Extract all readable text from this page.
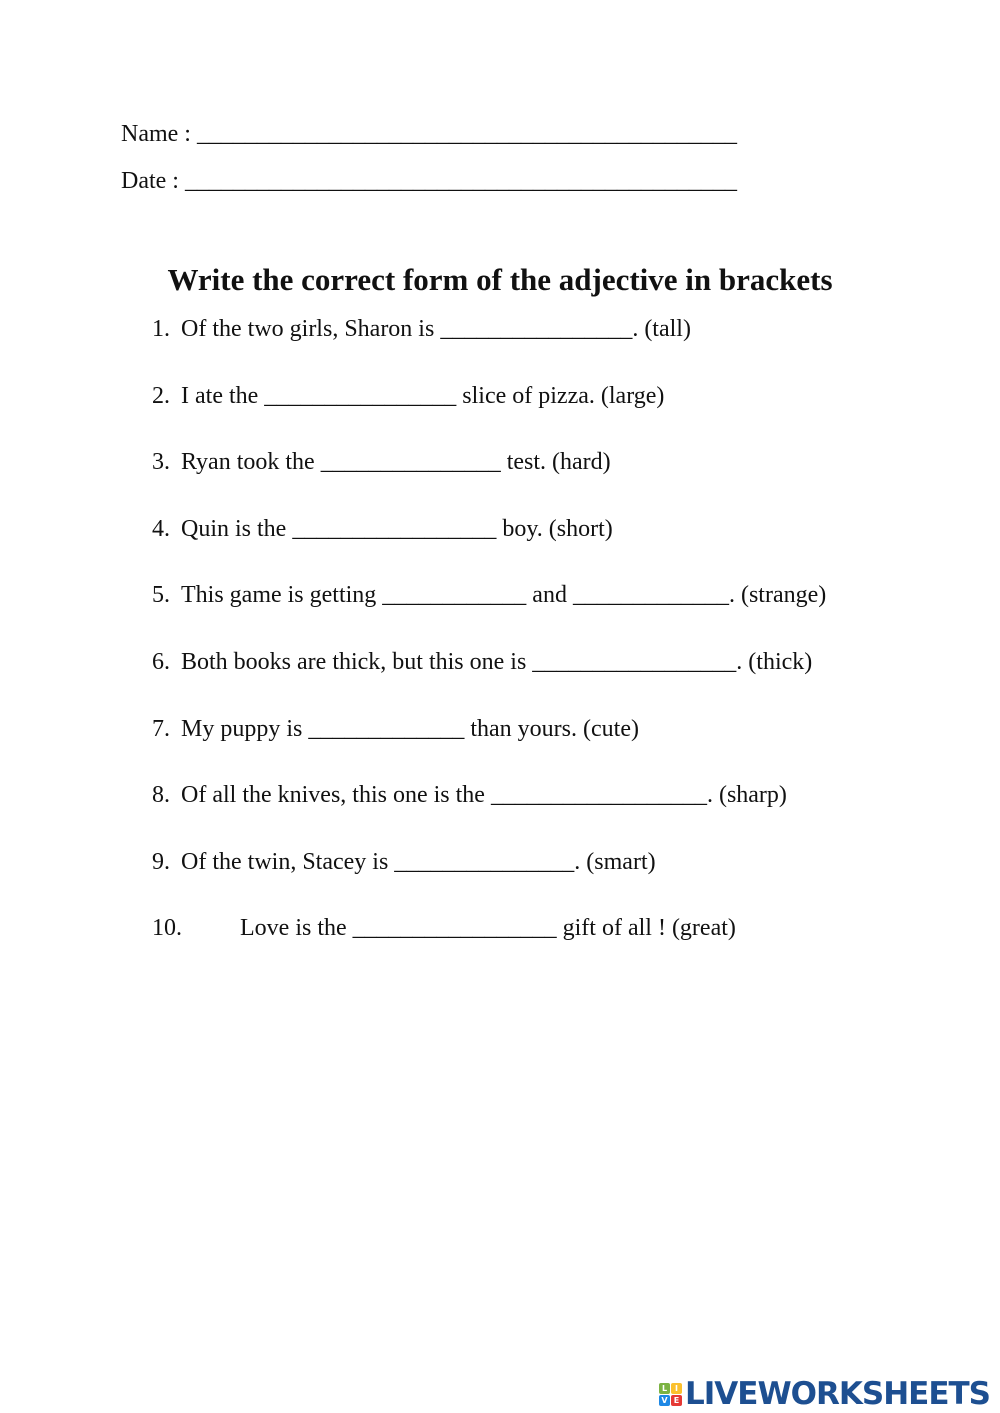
Name : _____________________________________________
Date : ______________________________________________
Write the correct form of the adjective in brackets
1. Of the two girls, Sharon is ________________. (tall)
2. I ate the ________________ slice of pizza. (large)
3. Ryan took the _______________ test. (hard)
4. Quin is the _________________ boy. (short)
5. This game is getting ____________ and _____________. (strange)
6. Both books are thick, but this one is _________________. (thick)
7. My puppy is _____________ than yours. (cute)
8. Of all the knives, this one is the __________________. (sharp)
9. Of the twin, Stacey is _______________. (smart)
10. Love is the _________________ gift of all ! (great)
L I
V E LIVEWORKSHEETS
